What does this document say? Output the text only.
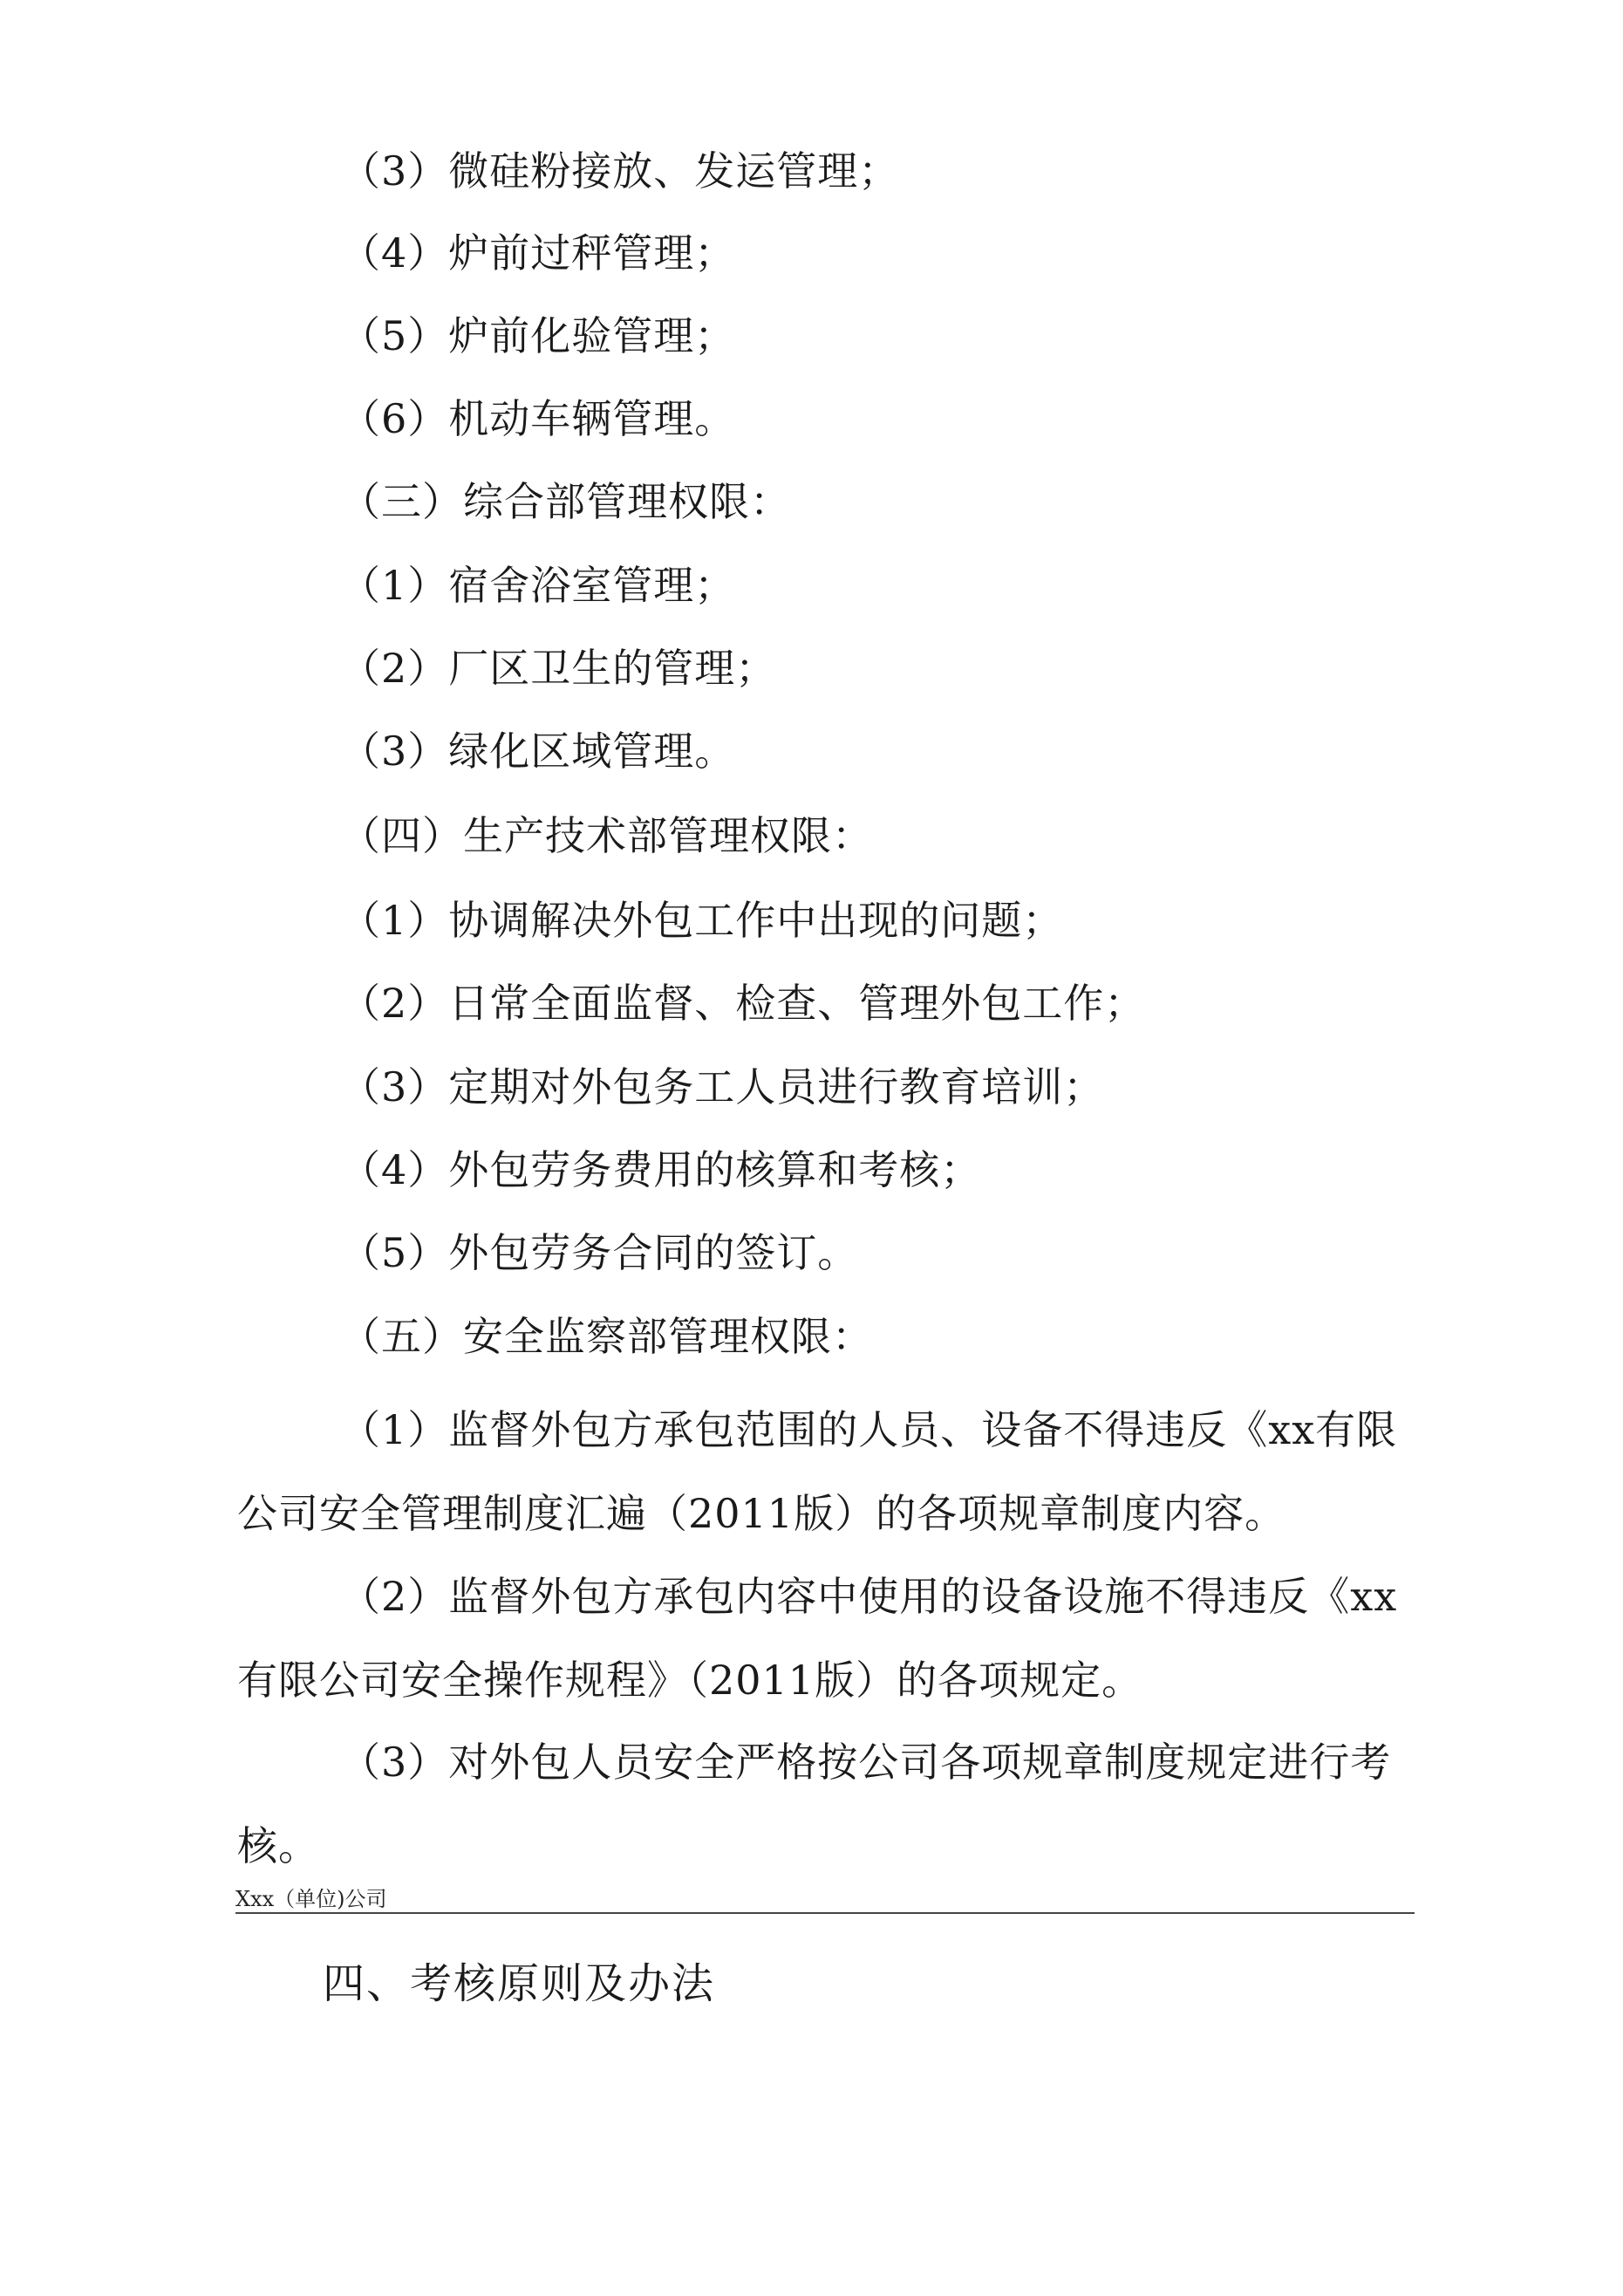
（3）微硅粉接放、发运管理；
（4）炉前过秤管理；
（5）炉前化验管理；
（6）机动车辆管理。
（三）综合部管理权限：
（1）宿舍浴室管理；
（2）厂区卫生的管理；
（3）绿化区域管理。
（四）生产技术部管理权限：
（1）协调解决外包工作中出现的问题；
（2）日常全面监督、检查、管理外包工作；
（3）定期对外包务工人员进行教育培训；
（4）外包劳务费用的核算和考核；
（5）外包劳务合同的签订。
（五）安全监察部管理权限：
（1）监督外包方承包范围的人员、设备不得违反《xx有限公司安全管理制度汇遍（2011版）的各项规章制度内容。
（2）监督外包方承包内容中使用的设备设施不得违反《xx有限公司安全操作规程》（2011版）的各项规定。
（3）对外包人员安全严格按公司各项规章制度规定进行考核。
Xxx（单位)公司
四、考核原则及办法
